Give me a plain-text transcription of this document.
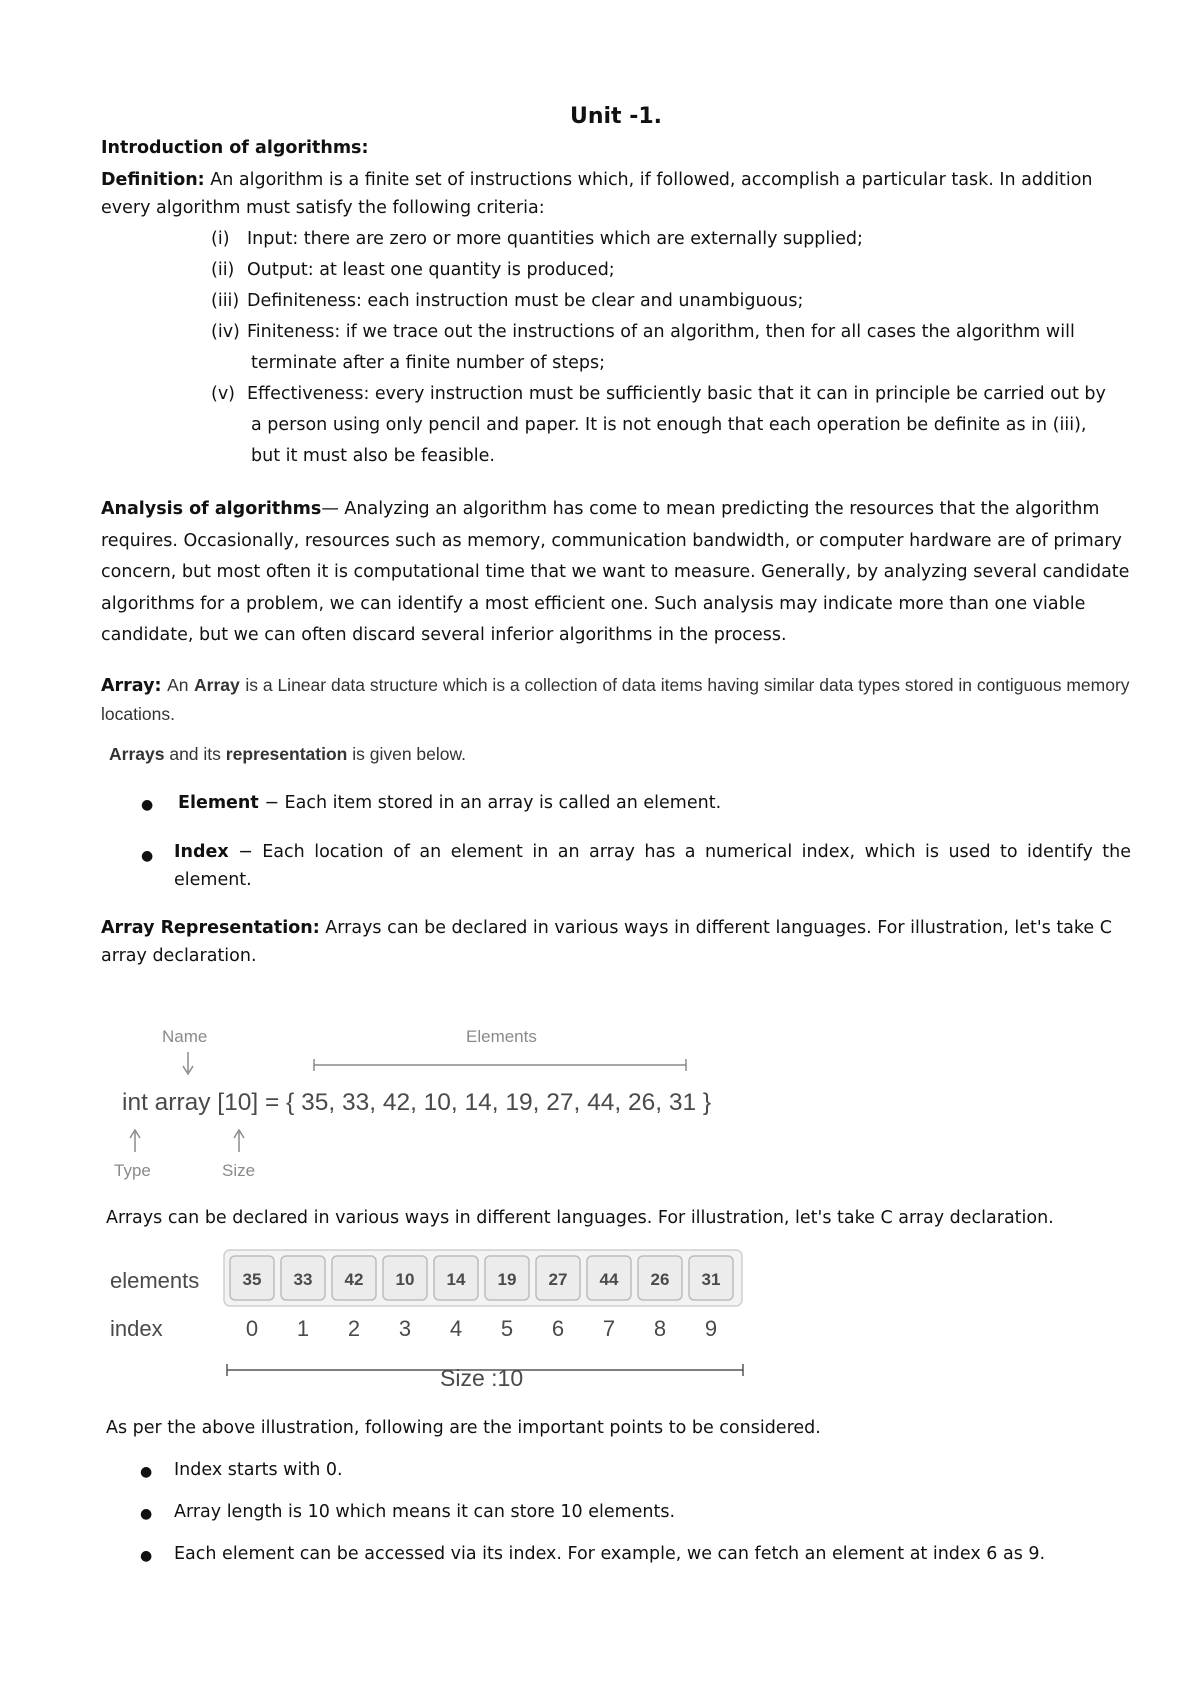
Unit -1.
Introduction of algorithms:
Definition: An algorithm is a finite set of instructions which, if followed, accomplish a particular task. In addition every algorithm must satisfy the following criteria:
(i) Input: there are zero or more quantities which are externally supplied;
(ii) Output: at least one quantity is produced;
(iii) Definiteness: each instruction must be clear and unambiguous;
(iv) Finiteness: if we trace out the instructions of an algorithm, then for all cases the algorithm will
terminate after a finite number of steps;
(v) Effectiveness: every instruction must be sufficiently basic that it can in principle be carried out by
a person using only pencil and paper. It is not enough that each operation be definite as in (iii),
but it must also be feasible.
Analysis of algorithms— Analyzing an algorithm has come to mean predicting the resources that the algorithm requires. Occasionally, resources such as memory, communication bandwidth, or computer hardware are of primary concern, but most often it is computational time that we want to measure. Generally, by analyzing several candidate algorithms for a problem, we can identify a most efficient one. Such analysis may indicate more than one viable candidate, but we can often discard several inferior algorithms in the process.
Array: An Array is a Linear data structure which is a collection of data items having similar data types stored in contiguous memory locations.
Arrays and its representation is given below.
● Element − Each item stored in an array is called an element.
● Index − Each location of an element in an array has a numerical index, which is used to identify the element.
Array Representation: Arrays can be declared in various ways in different languages. For illustration, let's take C array declaration.
Name	Elements
int array [10] = { 35, 33, 42, 10, 14, 19, 27, 44, 26, 31 }
Type	Size
Arrays can be declared in various ways in different languages. For illustration, let's take C array declaration.
elements
index
35 33 42 10 14 19 27 44 26 31
0 1 2 3 4 5 6 7 8 9
Size :10
As per the above illustration, following are the important points to be considered.
● Index starts with 0.
● Array length is 10 which means it can store 10 elements.
● Each element can be accessed via its index. For example, we can fetch an element at index 6 as 9.
